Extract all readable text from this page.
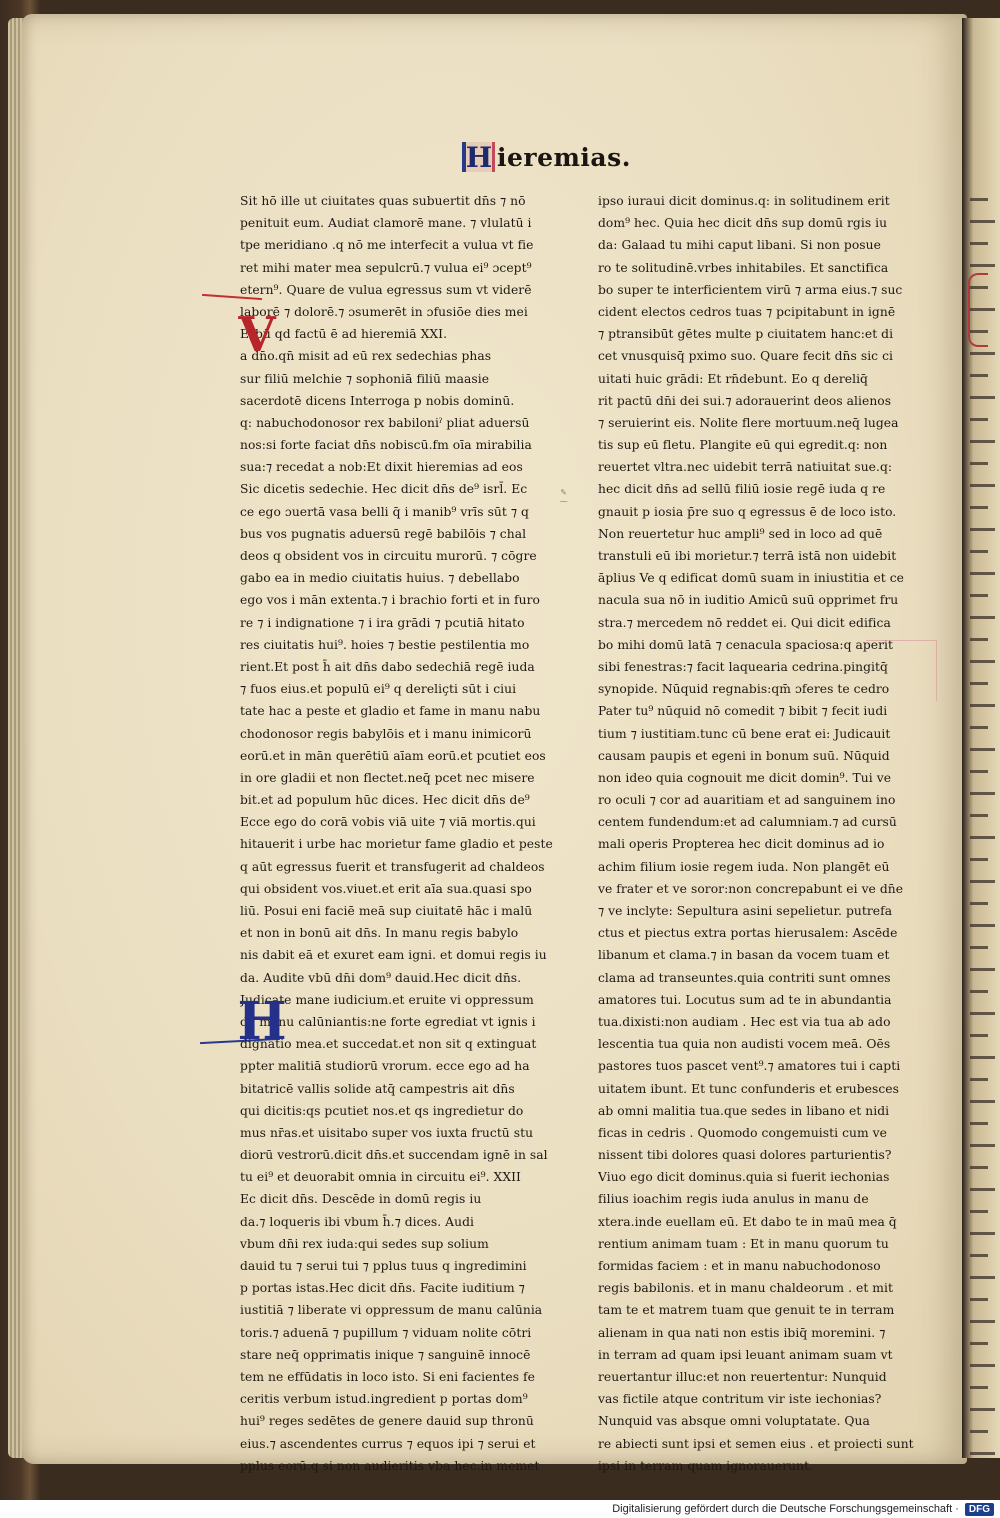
H ieremias.
Sit hō ille ut ciuitates quas subuertit dn̄s ⁊ nō
penituit eum. Audiat clamorē mane. ⁊ vlulatū i
tpe meridiano .q nō me interfecit a vulua vt fie
ret mihi mater mea sepulcrū.⁊ vulua ei⁹ ɔcept⁹
etern⁹. Quare de vulua egressus sum vt viderē
laborē ⁊ dolorē.⁊ ɔsumerēt in ɔfusiōe dies mei
Erbū qd factū ē ad hieremiā XXI.
a dn̄o.qn̄ misit ad eū rex sedechias phas
sur filiū melchie ⁊ sophoniā filiū maasie
sacerdotē dicens Interroga p nobis dominū.
q: nabuchodonosor rex babiloniˀ pliat aduersū
nos:si forte faciat dn̄s nobiscū.fm oīa mirabilia
sua:⁊ recedat a nob:Et dixit hieremias ad eos
Sic dicetis sedechie. Hec dicit dn̄s de⁹ isrl̄. Ec
ce ego ɔuertā vasa belli q̄ i manib⁹ vrīs sūt ⁊ q
bus vos pugnatis aduersū regē babilōis ⁊ chal
deos q obsident vos in circuitu murorū. ⁊ cōgre
gabo ea in medio ciuitatis huius. ⁊ debellabo
ego vos i mān extenta.⁊ i brachio forti et in furo
re ⁊ i indignatione ⁊ i ira grādi ⁊ pcutiā hitato
res ciuitatis hui⁹. hoies ⁊ bestie pestilentia mo
rient.Et post h̄ ait dn̄s dabo sedechiā regē iuda
⁊ fuos eius.et populū ei⁹ q dereliçti sūt i ciui
tate hac a peste et gladio et fame in manu nabu
chodonosor regis babylōis et i manu inimicorū
eorū.et in mān querētiū aīam eorū.et pcutiet eos
in ore gladii et non flectet.neq̄ pcet nec misere
bit.et ad populum hūc dices. Hec dicit dn̄s de⁹
Ecce ego do corā vobis viā uite ⁊ viā mortis.qui
hitauerit i urbe hac morietur fame gladio et peste
q aūt egressus fuerit et transfugerit ad chaldeos
qui obsident vos.viuet.et erit aīa sua.quasi spo
liū. Posui eni faciē meā sup ciuitatē hāc i malū
et non in bonū ait dn̄s. In manu regis babylo
nis dabit eā et exuret eam igni. et domui regis iu
da. Audite vbū dn̄i dom⁹ dauid.Hec dicit dn̄s.
Judicate mane iudicium.et eruite vi oppressum
de manu calūniantis:ne forte egrediat vt ignis i
dignatio mea.et succedat.et non sit q extinguat
ppter malitiā studiorū vrorum. ecce ego ad ha
bitatricē vallis solide atq̄ campestris ait dn̄s
qui dicitis:qs pcutiet nos.et qs ingredietur do
mus nr̄as.et uisitabo super vos iuxta fructū stu
diorū vestrorū.dicit dn̄s.et succendam ignē in sal
tu ei⁹ et deuorabit omnia in circuitu ei⁹. XXII
Ec dicit dn̄s. Descēde in domū regis iu
da.⁊ loqueris ibi vbum h̄.⁊ dices. Audi
vbum dn̄i rex iuda:qui sedes sup solium
dauid tu ⁊ serui tui ⁊ pplus tuus q ingredimini
p portas istas.Hec dicit dn̄s. Facite iuditium ⁊
iustitiā ⁊ liberate vi oppressum de manu calūnia
toris.⁊ aduenā ⁊ pupillum ⁊ viduam nolite cōtri
stare neq̄ opprimatis inique ⁊ sanguinē innocē
tem ne effūdatis in loco isto. Si eni facientes fe
ceritis verbum istud.ingredient p portas dom⁹
hui⁹ reges sedētes de genere dauid sup thronū
eius.⁊ ascendentes currus ⁊ equos ipi ⁊ serui et
pplus eorū.q si non audieritis vba hec.in memet
ipso iuraui dicit dominus.q: in solitudinem erit
dom⁹ hec. Quia hec dicit dn̄s sup domū rgis iu
da: Galaad tu mihi caput libani. Si non posue
ro te solitudinē.vrbes inhitabiles. Et sanctifica
bo super te interficientem virū ⁊ arma eius.⁊ suc
cident electos cedros tuas ⁊ pcipitabunt in ignē
⁊ ptransibūt gētes multe p ciuitatem hanc:et di
cet vnusquisq̄ pximo suo. Quare fecit dn̄s sic ci
uitati huic grādi: Et rn̄debunt. Eo q dereliq̄
rit pactū dn̄i dei sui.⁊ adorauerint deos alienos
⁊ seruierint eis. Nolite flere mortuum.neq̄ lugea
tis sup eū fletu. Plangite eū qui egredit.q: non
reuertet vltra.nec uidebit terrā natiuitat sue.q:
hec dicit dn̄s ad sellū filiū iosie regē iuda q re
gnauit p iosia p̄re suo q egressus ē de loco isto.
Non reuertetur huc ampli⁹ sed in loco ad quē
transtuli eū ibi morietur.⁊ terrā istā non uidebit
āplius Ve q edificat domū suam in iniustitia et ce
nacula sua nō in iuditio Amicū suū opprimet fru
stra.⁊ mercedem nō reddet ei. Qui dicit edifica
bo mihi domū latā ⁊ cenacula spaciosa:q aperit
sibi fenestras:⁊ facit laquearia cedrina.pingitq̄
synopide. Nūquid regnabis:qm̄ ɔferes te cedro
Pater tu⁹ nūquid nō comedit ⁊ bibit ⁊ fecit iudi
tium ⁊ iustitiam.tunc cū bene erat ei: Judicauit
causam paupis et egeni in bonum suū. Nūquid
non ideo quia cognouit me dicit domin⁹. Tui ve
ro oculi ⁊ cor ad auaritiam et ad sanguinem ino
centem fundendum:et ad calumniam.⁊ ad cursū
mali operis Propterea hec dicit dominus ad io
achim filium iosie regem iuda. Non plangēt eū
ve frater et ve soror:non concrepabunt ei ve dn̄e
⁊ ve inclyte: Sepultura asini sepelietur. putrefa
ctus et piectus extra portas hierusalem: Ascēde
libanum et clama.⁊ in basan da vocem tuam et
clama ad transeuntes.quia contriti sunt omnes
amatores tui. Locutus sum ad te in abundantia
tua.dixisti:non audiam . Hec est via tua ab ado
lescentia tua quia non audisti vocem meā. Oēs
pastores tuos pascet vent⁹.⁊ amatores tui i capti
uitatem ibunt. Et tunc confunderis et erubesces
ab omni malitia tua.que sedes in libano et nidi
ficas in cedris . Quomodo congemuisti cum ve
nissent tibi dolores quasi dolores parturientis?
Viuo ego dicit dominus.quia si fuerit iechonias
filius ioachim regis iuda anulus in manu de
xtera.inde euellam eū. Et dabo te in maū mea q̄
rentium animam tuam : Et in manu quorum tu
formidas faciem : et in manu nabuchodonoso
regis babilonis. et in manu chaldeorum . et mit
tam te et matrem tuam que genuit te in terram
alienam in qua nati non estis ibiq̄ moremini. ⁊
in terram ad quam ipsi leuant animam suam vt
reuertantur illuc:et non reuertentur: Nunquid
vas fictile atque contritum vir iste iechonias?
Nunquid vas absque omni voluptatate. Qua
re abiecti sunt ipsi et semen eius . et proiecti sunt
ipsi in terram quam ignorauerunt.
V
H
✎
⁓
Digitalisierung gefördert durch die Deutsche Forschungsgemeinschaft ·	DFG
